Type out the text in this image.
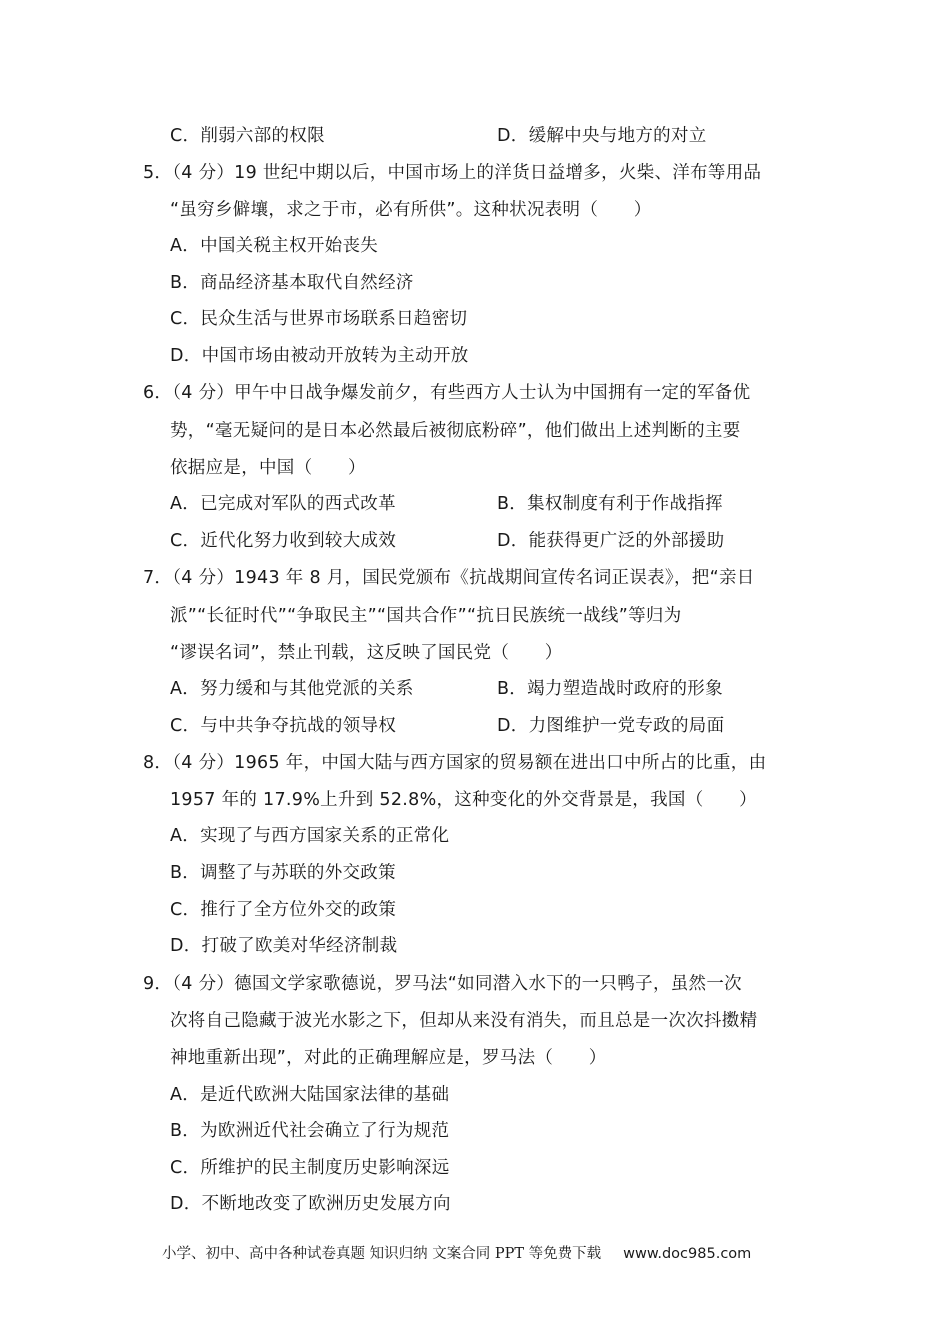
C．削弱六部的权限	D．缓解中央与地方的对立
5．（4 分）19 世纪中期以后，中国市场上的洋货日益增多，火柴、洋布等用品
“虽穷乡僻壤，求之于市，必有所供”。这种状况表明（　　）
A．中国关税主权开始丧失
B．商品经济基本取代自然经济
C．民众生活与世界市场联系日趋密切
D．中国市场由被动开放转为主动开放
6．（4 分）甲午中日战争爆发前夕，有些西方人士认为中国拥有一定的军备优
势，“毫无疑问的是日本必然最后被彻底粉碎”，他们做出上述判断的主要
依据应是，中国（　　）
A．已完成对军队的西式改革	B．集权制度有利于作战指挥
C．近代化努力收到较大成效	D．能获得更广泛的外部援助
7．（4 分）1943 年 8 月，国民党颁布《抗战期间宣传名词正误表》，把“亲日
派”“长征时代”“争取民主”“国共合作”“抗日民族统一战线”等归为
“谬误名词”，禁止刊载，这反映了国民党（　　）
A．努力缓和与其他党派的关系	B．竭力塑造战时政府的形象
C．与中共争夺抗战的领导权	D．力图维护一党专政的局面
8．（4 分）1965 年，中国大陆与西方国家的贸易额在进出口中所占的比重，由
1957 年的 17.9%上升到 52.8%，这种变化的外交背景是，我国（　　）
A．实现了与西方国家关系的正常化
B．调整了与苏联的外交政策
C．推行了全方位外交的政策
D．打破了欧美对华经济制裁
9．（4 分）德国文学家歌德说，罗马法“如同潜入水下的一只鸭子，虽然一次
次将自己隐藏于波光水影之下，但却从来没有消失，而且总是一次次抖擞精
神地重新出现”，对此的正确理解应是，罗马法（　　）
A．是近代欧洲大陆国家法律的基础
B．为欧洲近代社会确立了行为规范
C．所维护的民主制度历史影响深远
D．不断地改变了欧洲历史发展方向
小学、初中、高中各种试卷真题 知识归纳 文案合同 PPT 等免费下载 www.doc985.com
